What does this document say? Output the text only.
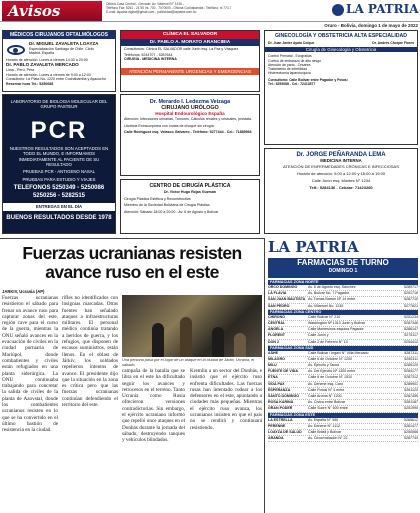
Avisos	Oficina Casa Central - Cercado: Av. Villarroel N° 1435 -
Teléfono Fax: 5261 - 21 55 Int. 730 - 7070000 - Oficina Cochabamba - Teléfono: ni 770-7
E-mail: lapatria.digital@gmail.com - publicidad@lapatria.com.bo	LA PATRIA
Oruro - Bolivia, domingo 1 de mayo de 2022
MÉDICOS CIRUJANOS OFTALMÓLOGOS
Dr. MIGUEL ZAVALETA LOAYZA
Especialización Santiago de Chile, Clínic
Madrid, España
Horario de atención: Lunes a viernes 14:30 a 20:00
Dr. PABLO ZAVALETA MERCADO
Lima - Perú, Pera
Horario de atención: Lunes a viernes de 9:00 a 12:00
Consultorio: La Plata No. 1220 entre Cochabamba y Ayacucho
Reservar hora Tel.: 5250688
LABORATORIO DE BIOLOGIA MOLECULAR DEL GRUPO PASTEUR
PCR
NUESTROS RESULTADOS SON ACEPTADOS EN TODO EL MUNDO, E INFORMAMOS INMEDIATAMENTE AL PACIENTE DE SU RESULTADO
PRUEBAS PCR - ANTIGENO NASAL
PRUEBAS PARA ESTUDIO Y VIAJES
TELEFONOS 5250349 - 5250086
5250256 - 5282515
ENTREGAS EN EL DÍA
BUENOS RESULTADOS DESDE 1978
CLÍNICA EL SALVADOR
Dr. PABLO A. MORATO ARANCIBIA
Consultorios: Clínica EL SALVADOR calle Junín esq. La Paz y Vásquez
Teléfonos: 5244707 - 5287644
CIRUGÍA - MEDICINA INTERNA
ATENCIÓN PERMANENTE URGENCIAS Y EMERGENCIAS
Dr. Merardo I. Ledezma Veizaga
CIRUJANO URÓLOGO
Hospital Endourológico España
Atención: Infecciones urinarias, Tumores, Cálculos renales y vesicales, próstata.
Litotricia Extracorpórea con ondas de choque sin cirugía
Calle Rodríguez esq. Velasco Galvarro - Teléfono: 5277444 - Cel.: 71885966
CENTRO DE CIRUGÍA PLÁSTICA
Dr. Víctor Hugo Rojas Guzmán
Cirugía Plástica Estética y Reconstructiva
Miembro de la Sociedad Boliviana de Cirugía Plástica
Atención: Sábado 18:00 a 20:00 - Av. 6 de Agosto y Bolívar
GINECOLOGÍA Y OBSTETRICIA ALTA ESPECIALIDAD
Dr. Juan Javier Ayala Colque	Dr. Andrés Choque Flores
Cirugía de Ginecología y Obstetricia
Control Prenatal - Ecografías
Control de embarazo de alto riesgo
Atención de parto - Cesárea
Tratamiento de infertilidad
Histerectomía laparoscópica
Consultorio: Calle Bolívar entre Pagador y Potosí
Tel.: 5255088 - Cel.: 72413577
Dr. JORGE PEÑARANDA LEMA
MEDICINA INTERNA
ATENCIÓN DE ENFERMEDADES CRÓNICAS E INFECCIOSAS
Horario de atención: 9:00 a 12:00 y 15:00 a 19:00
Calle Junín esq. Montes N° 1234
Telf.: 5284136 - Celular: 71423260
Fuerzas ucranianas resisten avance ruso en el este
JARKIV, Ucrania (AP)
Fuerzas ucranianas resistieron el sábado para frenar un avance ruso para capturar zonas del este, región cave para el curso de la guerra, mientras la ONU señaló avances en la evacuación de civiles en la ciudad portuaria de Mariúpol, donde combatientes y civiles están refugiados en una planta siderúrgica. La ONU continuaba trabajando para concretar la salida de civiles de la planta de Azovstal, donde los combatientes ucranianos resisten en lo que se ha convertido en el último bastión de resistencia en la ciudad.
rifles no identificados con insignias marcadas. Otras fuentes han señalado ataques a infraestructuras militares. El personal médico continúa tratando a heridos de guerra, y los refugios, que disponen de escasos suministros, están llenos. En el oblast de Járkiv, los soldados repelieron intentos de avance. El presidente dijo que la situación en la zona es crítica pero que las fuerzas ucranianas continúan defendiendo el territorio del este.
Una persona pasa por el lugar de un ataque en la ciudad de Járkiv, Ucrania, el sábado.
campaña de la batalla que se libra en el este ha dificultado seguir los avances y retrocesos en el terreno. Tanto Ucrania como Rusia ofrecieron versiones contradictorias. Sin embargo, el ejército ucraniano informó que repelió once ataques en el Donbás durante la jornada del sábado, destruyendo tanques y vehículos blindados.
Kremlin a un sector del Donbás, e insistió que el ejército ruso enfrenta dificultades. Las fuerzas rusas han intentado rodear a los defensores en el este, apuntando a ciudades más pequeñas. Mientras el ejército ruso avanza, los ucranianos insisten en que el país no se rendirá y continuará resistiendo.
LA PATRIA
FARMACIAS DE TURNO
DOMINGO 1
FARMACIAS ZONA NORTE
ORCO DOMINGO	Av. 6 de Agosto esq. Sánchez	5289717
LA FLAVIA	Av. Bolivar No. 7 Pagador	5251716
SAN JUAN BAUTISTA Av. Tomas Barrón Nº 14 entre	5287710
SAN PEDRO	Av. Villarroel No. 1245	5277621
FARMACIAS ZONA CENTRO
CHIRONO	Calle Bolivar N° 210	5251234
CENTRAL	Washington Nº 1310 Junin y Bolivar	5287346
ANGELA	Calle Montesinos esquina Pagador	5286147
FLORENT	Calle Junin y	5275117
DON 2	Calle 2 de Febrero N° 10	5254412
FARMACIAS ZONA SUD
ASHE	Calle Bolivar / Ingavi N° Villa Mercado	5287311
MILAGRO	Calle 6 de Octubre N° 1200	5250311
MILU	Av. Ejército y Tacna	5289120
FUENTE DE VIDA	Av. Del Ejército Nº 1300 entre	5284177
ETNA	Calle 6 de Octubre N° 1510	5287312
VIDA PAX	Av. Dehene esq. Caro	5289901
ESPERANZA	Calle Potosi N° 4 entre	5261122
SANTO DOMINGO	Calle Aroma N° 1200	5287455
ROSA KARINA	Av. Cívica entre Bolivar	5281187
GRAN PODER	Calle Sucre N° 600 entre	5251990
FARMACIAS ZONA ESTE
LA ESTRELLA	Av. España N° 350	5285612
PERENNE	Av. Dehene N° 1112	5261477
LOAYZA DE SALUD	Calle Brasil y Bolívar	5250066
ARANDA	Av. Circunvalación N° 22	5287743
